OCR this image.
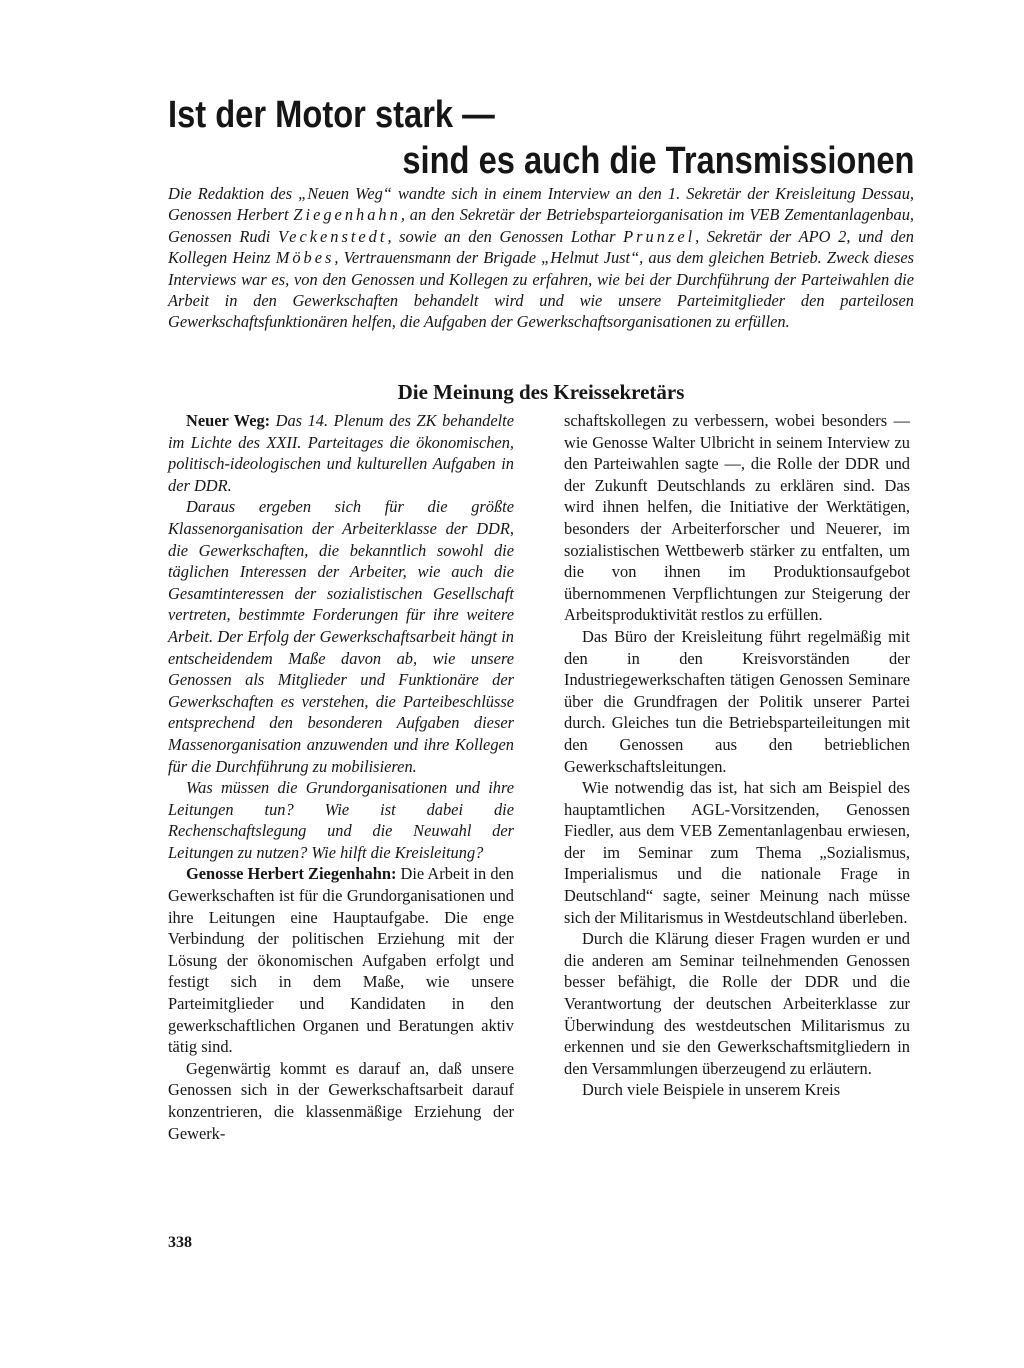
Ist der Motor stark —
sind es auch die Transmissionen

Die Redaktion des „Neuen Weg“ wandte sich in einem Interview an den 1. Sekretär der Kreisleitung Dessau, Genossen Herbert Ziegenhahn, an den Sekretär der Betriebsparteiorganisation im VEB Zementanlagenbau, Genossen Rudi Veckenstedt, sowie an den Genossen Lothar Prunzel, Sekretär der APO 2, und den Kollegen Heinz Möbes, Vertrauensmann der Brigade „Helmut Just“, aus dem gleichen Betrieb. Zweck dieses Interviews war es, von den Genossen und Kollegen zu erfahren, wie bei der Durchführung der Parteiwahlen die Arbeit in den Gewerkschaften behandelt wird und wie unsere Parteimitglieder den parteilosen Gewerkschaftsfunktionären helfen, die Aufgaben der Gewerkschaftsorganisationen zu erfüllen.

Die Meinung des Kreissekretärs

Neuer Weg: Das 14. Plenum des ZK behandelte im Lichte des XXII. Parteitages die ökonomischen, politisch-ideologischen und kulturellen Aufgaben in der DDR.

Daraus ergeben sich für die größte Klassenorganisation der Arbeiterklasse der DDR, die Gewerkschaften, die bekanntlich sowohl die täglichen Interessen der Arbeiter, wie auch die Gesamtinteressen der sozialistischen Gesellschaft vertreten, bestimmte Forderungen für ihre weitere Arbeit. Der Erfolg der Gewerkschaftsarbeit hängt in entscheidendem Maße davon ab, wie unsere Genossen als Mitglieder und Funktionäre der Gewerkschaften es verstehen, die Parteibeschlüsse entsprechend den besonderen Aufgaben dieser Massenorganisation anzuwenden und ihre Kollegen für die Durchführung zu mobilisieren.

Was müssen die Grundorganisationen und ihre Leitungen tun? Wie ist dabei die Rechenschaftslegung und die Neuwahl der Leitungen zu nutzen? Wie hilft die Kreisleitung?

Genosse Herbert Ziegenhahn: Die Arbeit in den Gewerkschaften ist für die Grundorganisationen und ihre Leitungen eine Hauptaufgabe. Die enge Verbindung der politischen Erziehung mit der Lösung der ökonomischen Aufgaben erfolgt und festigt sich in dem Maße, wie unsere Parteimitglieder und Kandidaten in den gewerkschaftlichen Organen und Beratungen aktiv tätig sind.

Gegenwärtig kommt es darauf an, daß unsere Genossen sich in der Gewerkschaftsarbeit darauf konzentrieren, die klassenmäßige Erziehung der Gewerk-

schaftskollegen zu verbessern, wobei besonders — wie Genosse Walter Ulbricht in seinem Interview zu den Parteiwahlen sagte —, die Rolle der DDR und der Zukunft Deutschlands zu erklären sind. Das wird ihnen helfen, die Initiative der Werktätigen, besonders der Arbeiterforscher und Neuerer, im sozialistischen Wettbewerb stärker zu entfalten, um die von ihnen im Produktionsaufgebot übernommenen Verpflichtungen zur Steigerung der Arbeitsproduktivität restlos zu erfüllen.

Das Büro der Kreisleitung führt regelmäßig mit den in den Kreisvorständen der Industriegewerkschaften tätigen Genossen Seminare über die Grundfragen der Politik unserer Partei durch. Gleiches tun die Betriebsparteileitungen mit den Genossen aus den betrieblichen Gewerkschaftsleitungen.

Wie notwendig das ist, hat sich am Beispiel des hauptamtlichen AGL-Vorsitzenden, Genossen Fiedler, aus dem VEB Zementanlagenbau erwiesen, der im Seminar zum Thema „Sozialismus, Imperialismus und die nationale Frage in Deutschland“ sagte, seiner Meinung nach müsse sich der Militarismus in Westdeutschland überleben.

Durch die Klärung dieser Fragen wurden er und die anderen am Seminar teilnehmenden Genossen besser befähigt, die Rolle der DDR und die Verantwortung der deutschen Arbeiterklasse zur Überwindung des westdeutschen Militarismus zu erkennen und sie den Gewerkschaftsmitgliedern in den Versammlungen überzeugend zu erläutern.

Durch viele Beispiele in unserem Kreis

338
